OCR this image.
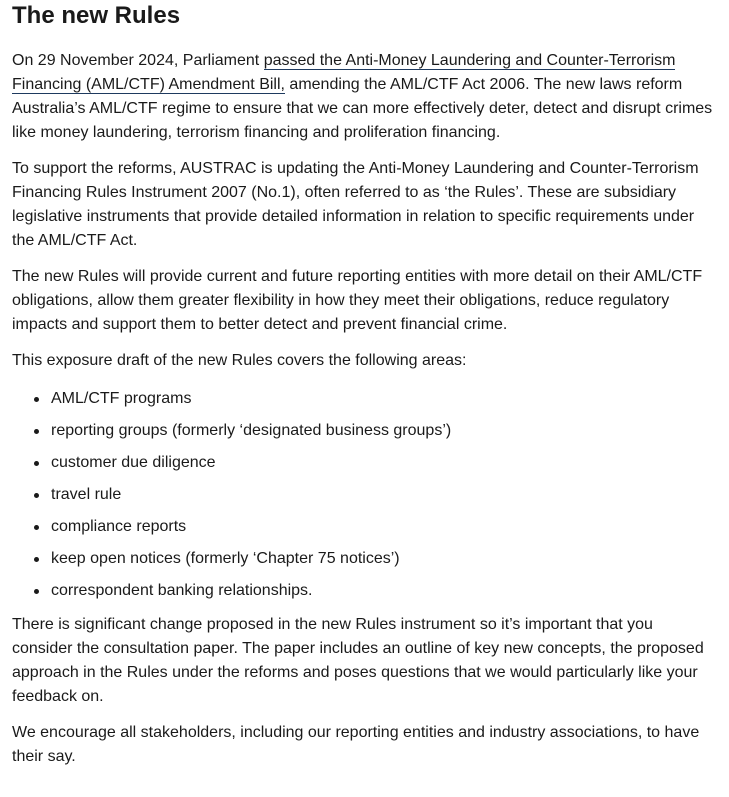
The new Rules

On 29 November 2024, Parliament passed the Anti-Money Laundering and Counter-Terrorism Financing (AML/CTF) Amendment Bill, amending the AML/CTF Act 2006. The new laws reform Australia’s AML/CTF regime to ensure that we can more effectively deter, detect and disrupt crimes like money laundering, terrorism financing and proliferation financing.

To support the reforms, AUSTRAC is updating the Anti-Money Laundering and Counter-Terrorism Financing Rules Instrument 2007 (No.1), often referred to as ‘the Rules’. These are subsidiary legislative instruments that provide detailed information in relation to specific requirements under the AML/CTF Act.

The new Rules will provide current and future reporting entities with more detail on their AML/CTF obligations, allow them greater flexibility in how they meet their obligations, reduce regulatory impacts and support them to better detect and prevent financial crime.

This exposure draft of the new Rules covers the following areas:

AML/CTF programs
reporting groups (formerly ‘designated business groups’)
customer due diligence
travel rule
compliance reports
keep open notices (formerly ‘Chapter 75 notices’)
correspondent banking relationships.

There is significant change proposed in the new Rules instrument so it’s important that you consider the consultation paper. The paper includes an outline of key new concepts, the proposed approach in the Rules under the reforms and poses questions that we would particularly like your feedback on.

We encourage all stakeholders, including our reporting entities and industry associations, to have their say.
